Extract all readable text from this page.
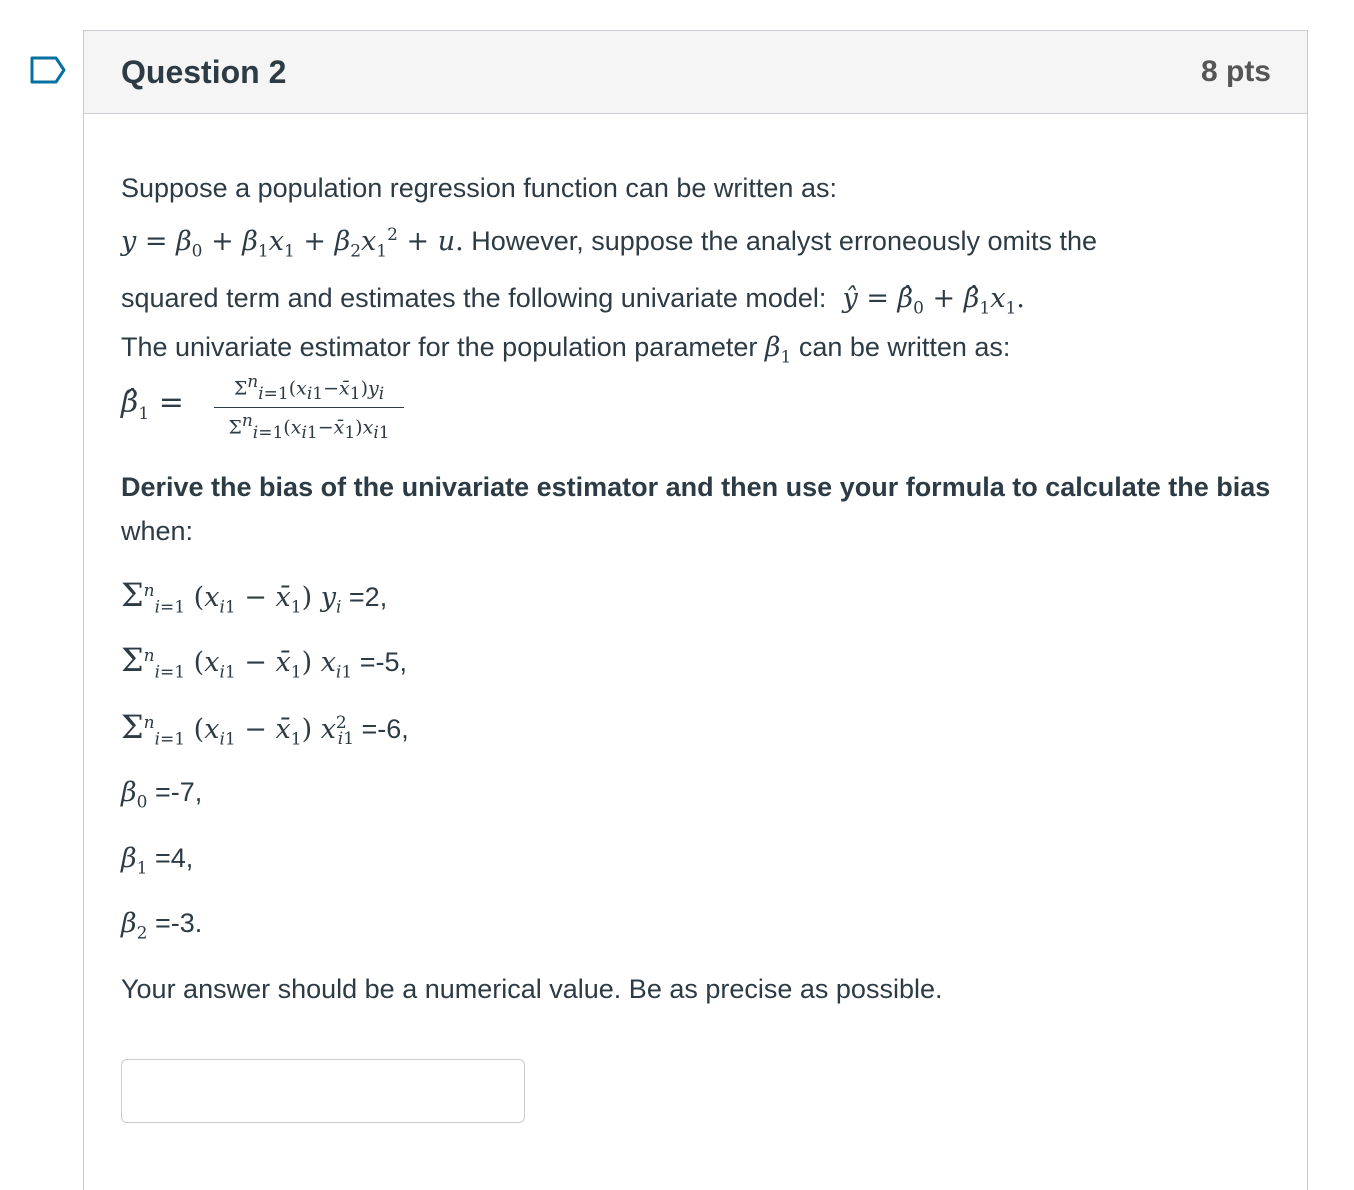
Question 2	8 pts
Suppose a population regression function can be written as:
$y = \beta_0 + \beta_1x_1 + \beta_2x_1^2 + u$. However, suppose the analyst erroneously omits the
squared term and estimates the following univariate model:  ŷ = $\betâ_0$ + $\betâ_1x_1$.
The univariate estimator for the population parameter $\beta_1$ can be written as:
$\betâ_1$ =	$\Sigma^n_{i=1}(x_{i1}-x̄_1)y_i$
$\Sigma^n_{i=1}(x_{i1}-x̄_1)x_{i1}$
Derive the bias of the univariate estimator and then use your formula to calculate the bias when:
$\Sigma^n_{i=1}$ ($x_{i1}$ − $x̄_1$) $y_i =2$,
$\Sigma^n_{i=1}$ ($x_{i1}$ − $x̄_1$) $x_{i1} =-5$,
$\Sigma^n_{i=1}$ ($x_{i1}$ − $x̄_1$) $x^2_{i1} =-6$,
$\beta_0 =-7$,
$\beta_1 =4$,
$\beta_2 =-3$.
Your answer should be a numerical value. Be as precise as possible.
